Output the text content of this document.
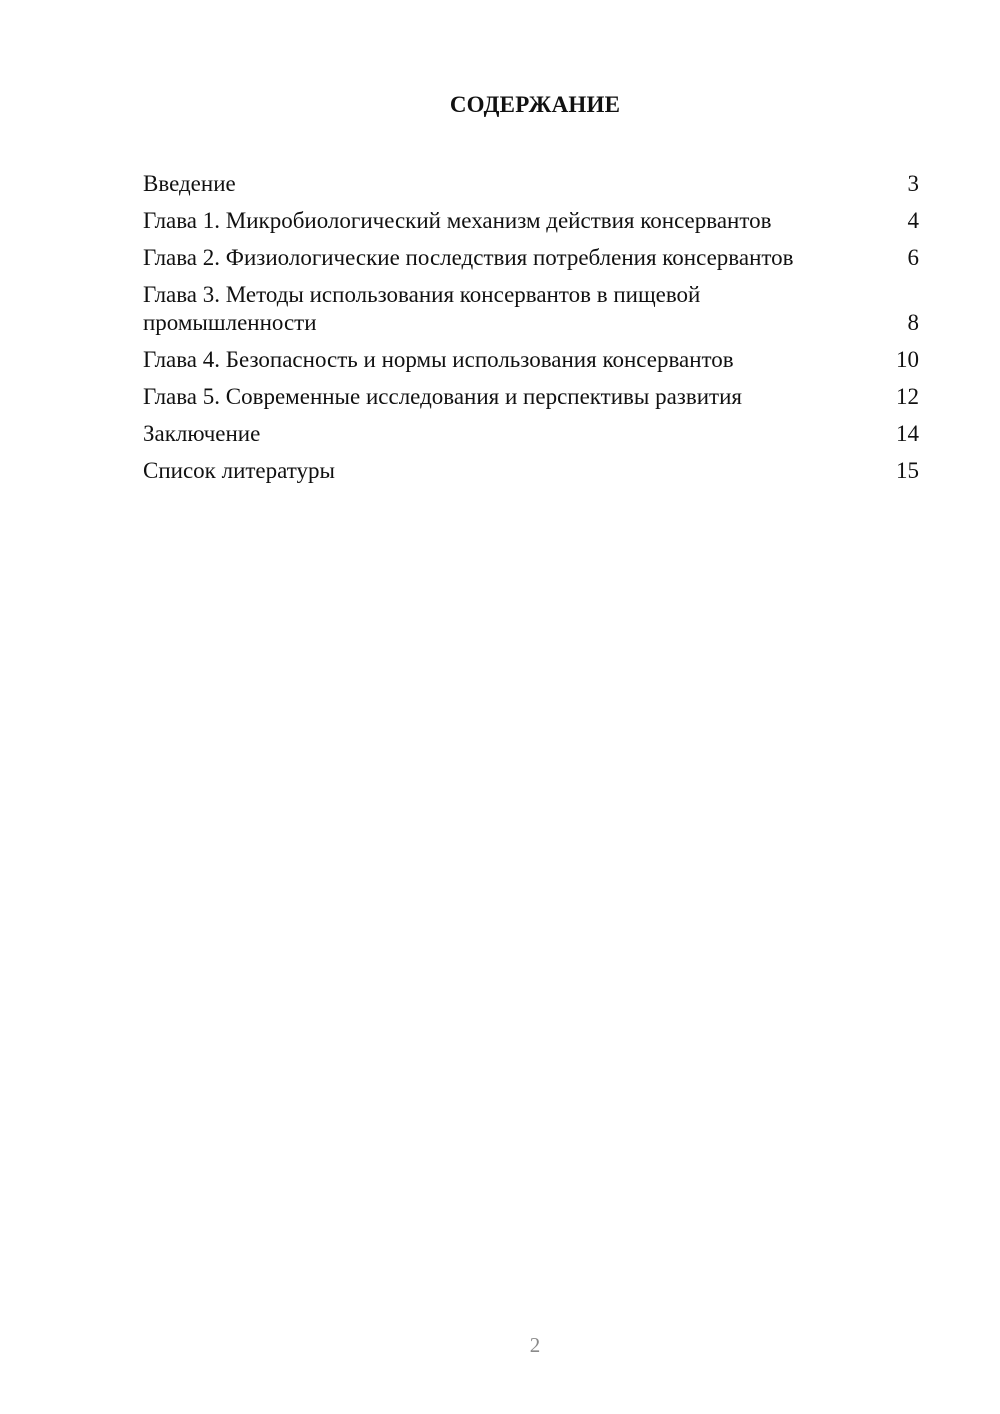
СОДЕРЖАНИЕ
Введение	3
Глава 1. Микробиологический механизм действия консервантов	4
Глава 2. Физиологические последствия потребления консервантов	6
Глава 3. Методы использования консервантов в пищевой промышленности	8
Глава 4. Безопасность и нормы использования консервантов	10
Глава 5. Современные исследования и перспективы развития	12
Заключение	14
Список литературы	15
2
